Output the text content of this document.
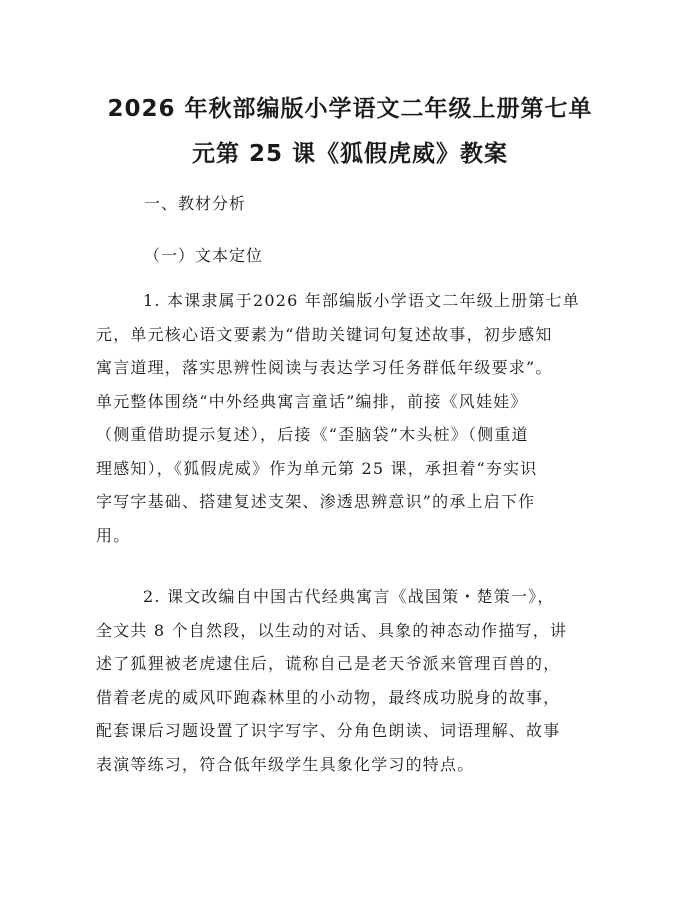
2026 年秋部编版小学语文二年级上册第七单
元第 25 课《狐假虎威》教案

一、教材分析

（一）文本定位

1. 本课隶属于2026 年部编版小学语文二年级上册第七单
元，单元核心语文要素为“借助关键词句复述故事，初步感知
寓言道理，落实思辨性阅读与表达学习任务群低年级要求”。
单元整体围绕“中外经典寓言童话”编排，前接《风娃娃》
（侧重借助提示复述），后接《“歪脑袋”木头桩》（侧重道
理感知），《狐假虎威》作为单元第 25 课，承担着“夯实识
字写字基础、搭建复述支架、渗透思辨意识”的承上启下作
用。
2. 课文改编自中国古代经典寓言《战国策・楚策一》，
全文共 8 个自然段，以生动的对话、具象的神态动作描写，讲
述了狐狸被老虎逮住后，谎称自己是老天爷派来管理百兽的，
借着老虎的威风吓跑森林里的小动物，最终成功脱身的故事，
配套课后习题设置了识字写字、分角色朗读、词语理解、故事
表演等练习，符合低年级学生具象化学习的特点。
